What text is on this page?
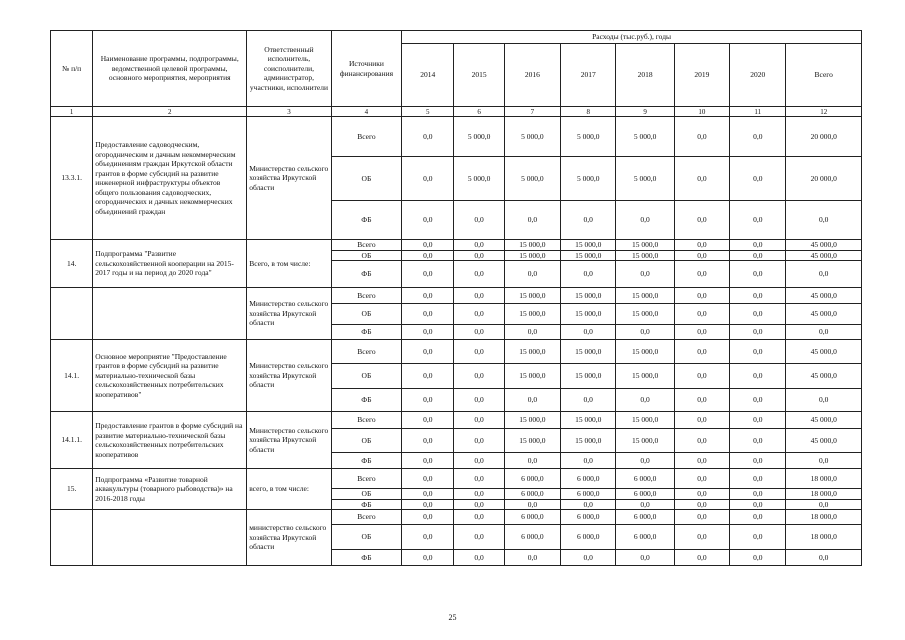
№ п/п	Наименование программы, подпрограммы, ведомственной целевой программы, основного мероприятия, мероприятия	Ответственный исполнитель, соисполнители, администратор, участники, исполнители	Источники финансирования	Расходы (тыс.руб.), годы							
				2014	2015	2016	2017	2018	2019	2020	Всего
1	2	3	4	5	6	7	8	9	10	11	12
13.3.1.	Предоставление садоводческим, огородническим и дачным некоммерческим объединениям граждан Иркутской области грантов в форме субсидий на развитие инженерной инфраструктуры объектов общего пользования садоводческих, огороднических и дачных некоммерческих объединений граждан	Министерство сельского хозяйства Иркутской области	Всего	0,0	5 000,0	5 000,0	5 000,0	5 000,0	0,0	0,0	20 000,0
			ОБ	0,0	5 000,0	5 000,0	5 000,0	5 000,0	0,0	0,0	20 000,0
			ФБ	0,0	0,0	0,0	0,0	0,0	0,0	0,0	0,0
14.	Подпрограмма "Развитие сельскохозяйственной кооперации на 2015-2017 годы и на период до 2020 года"	Всего, в том числе:	Всего	0,0	0,0	15 000,0	15 000,0	15 000,0	0,0	0,0	45 000,0
			ОБ	0,0	0,0	15 000,0	15 000,0	15 000,0	0,0	0,0	45 000,0
			ФБ	0,0	0,0	0,0	0,0	0,0	0,0	0,0	0,0
		Министерство сельского хозяйства Иркутской области	Всего	0,0	0,0	15 000,0	15 000,0	15 000,0	0,0	0,0	45 000,0
			ОБ	0,0	0,0	15 000,0	15 000,0	15 000,0	0,0	0,0	45 000,0
			ФБ	0,0	0,0	0,0	0,0	0,0	0,0	0,0	0,0
14.1.	Основное мероприятие "Предоставление грантов в форме субсидий на развитие материально-технической базы сельскохозяйственных потребительских кооперативов"	Министерство сельского хозяйства Иркутской области	Всего	0,0	0,0	15 000,0	15 000,0	15 000,0	0,0	0,0	45 000,0
			ОБ	0,0	0,0	15 000,0	15 000,0	15 000,0	0,0	0,0	45 000,0
			ФБ	0,0	0,0	0,0	0,0	0,0	0,0	0,0	0,0
14.1.1.	Предоставление грантов в форме субсидий на развитие материально-технической базы сельскохозяйственных потребительских кооперативов	Министерство сельского хозяйства Иркутской области	Всего	0,0	0,0	15 000,0	15 000,0	15 000,0	0,0	0,0	45 000,0
			ОБ	0,0	0,0	15 000,0	15 000,0	15 000,0	0,0	0,0	45 000,0
			ФБ	0,0	0,0	0,0	0,0	0,0	0,0	0,0	0,0
15.	Подпрограмма «Развитие товарной аквакультуры (товарного рыбоводства)» на 2016-2018 годы	всего, в том числе:	Всего	0,0	0,0	6 000,0	6 000,0	6 000,0	0,0	0,0	18 000,0
			ОБ	0,0	0,0	6 000,0	6 000,0	6 000,0	0,0	0,0	18 000,0
			ФБ	0,0	0,0	0,0	0,0	0,0	0,0	0,0	0,0
		министерство сельского хозяйства Иркутской области	Всего	0,0	0,0	6 000,0	6 000,0	6 000,0	0,0	0,0	18 000,0
			ОБ	0,0	0,0	6 000,0	6 000,0	6 000,0	0,0	0,0	18 000,0
			ФБ	0,0	0,0	0,0	0,0	0,0	0,0	0,0	0,0
25
